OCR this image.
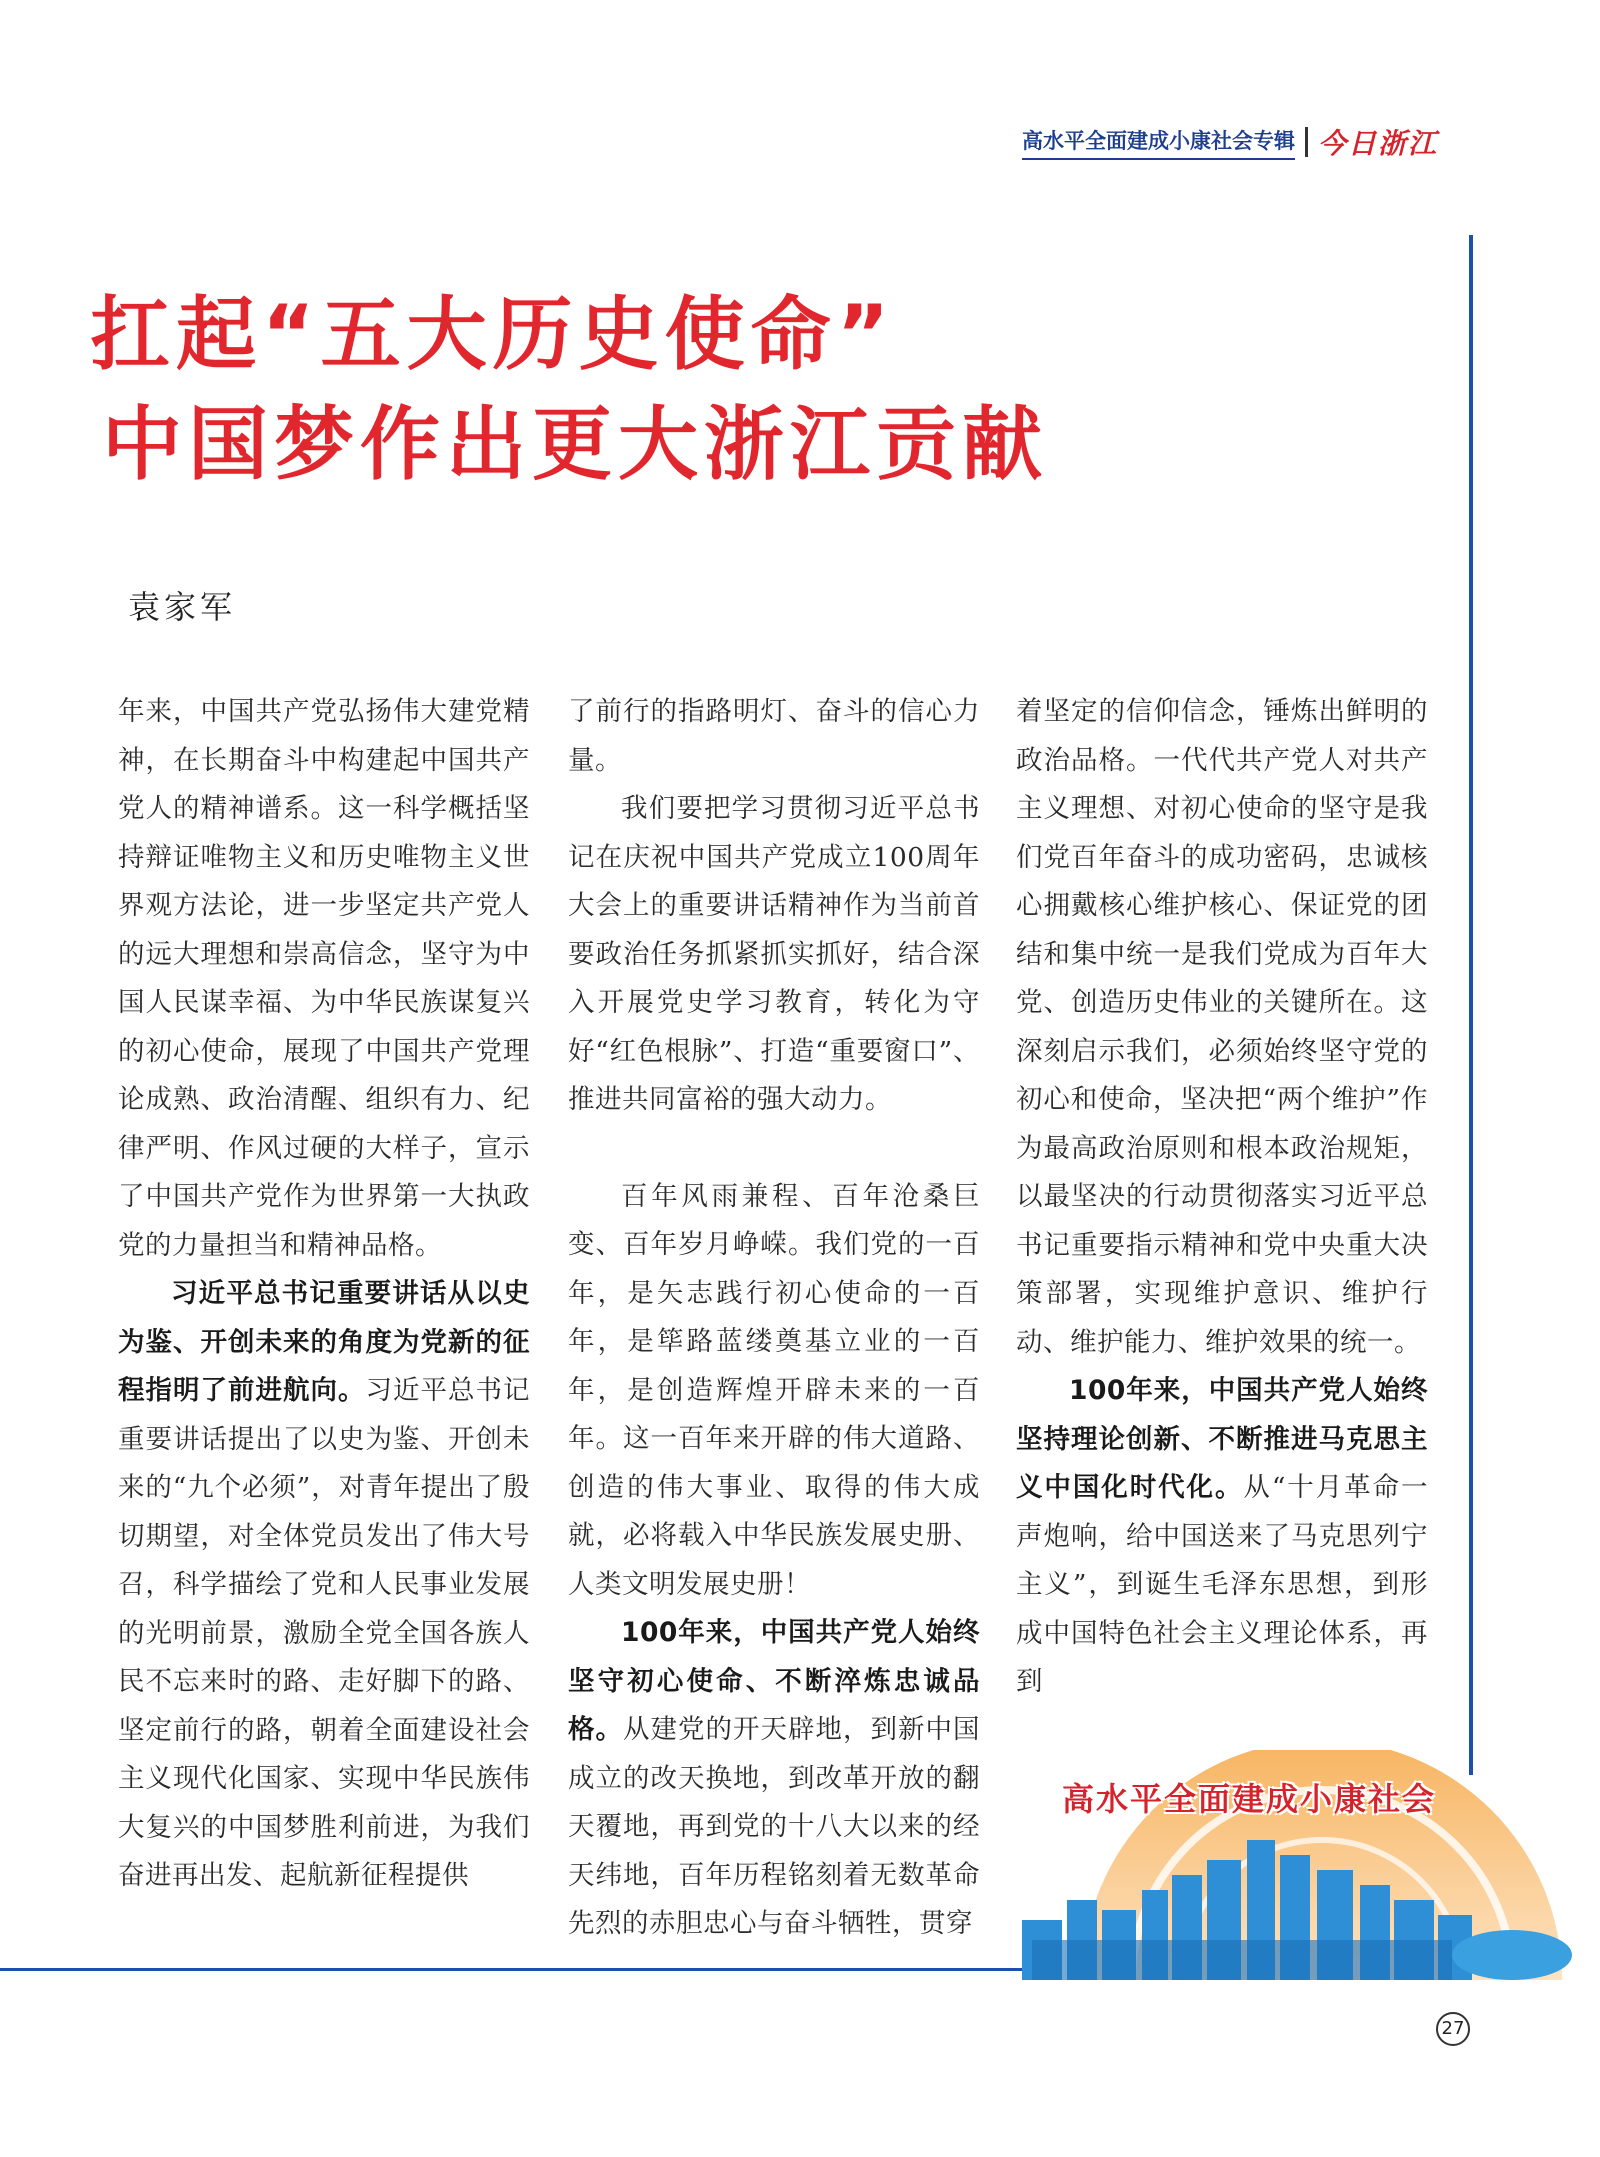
高水平全面建成小康社会专辑 今日浙江
扛起“五大历史使命”
中国梦作出更大浙江贡献
袁家军

年来，中国共产党弘扬伟大建党精神，在长期奋斗中构建起中国共产党人的精神谱系。这一科学概括坚持辩证唯物主义和历史唯物主义世界观方法论，进一步坚定共产党人的远大理想和崇高信念，坚守为中国人民谋幸福、为中华民族谋复兴的初心使命，展现了中国共产党理论成熟、政治清醒、组织有力、纪律严明、作风过硬的大样子，宣示了中国共产党作为世界第一大执政党的力量担当和精神品格。

习近平总书记重要讲话从以史为鉴、开创未来的角度为党新的征程指明了前进航向。习近平总书记重要讲话提出了以史为鉴、开创未来的“九个必须”，对青年提出了殷切期望，对全体党员发出了伟大号召，科学描绘了党和人民事业发展的光明前景，激励全党全国各族人民不忘来时的路、走好脚下的路、坚定前行的路，朝着全面建设社会主义现代化国家、实现中华民族伟大复兴的中国梦胜利前进，为我们奋进再出发、起航新征程提供

了前行的指路明灯、奋斗的信心力量。

我们要把学习贯彻习近平总书记在庆祝中国共产党成立100周年大会上的重要讲话精神作为当前首要政治任务抓紧抓实抓好，结合深入开展党史学习教育，转化为守好“红色根脉”、打造“重要窗口”、推进共同富裕的强大动力。

百年风雨兼程、百年沧桑巨变、百年岁月峥嵘。我们党的一百年，是矢志践行初心使命的一百年，是筚路蓝缕奠基立业的一百年，是创造辉煌开辟未来的一百年。这一百年来开辟的伟大道路、创造的伟大事业、取得的伟大成就，必将载入中华民族发展史册、人类文明发展史册！

100年来，中国共产党人始终坚守初心使命、不断淬炼忠诚品格。从建党的开天辟地，到新中国成立的改天换地，到改革开放的翻天覆地，再到党的十八大以来的经天纬地，百年历程铭刻着无数革命先烈的赤胆忠心与奋斗牺牲，贯穿

着坚定的信仰信念，锤炼出鲜明的政治品格。一代代共产党人对共产主义理想、对初心使命的坚守是我们党百年奋斗的成功密码，忠诚核心拥戴核心维护核心、保证党的团结和集中统一是我们党成为百年大党、创造历史伟业的关键所在。这深刻启示我们，必须始终坚守党的初心和使命，坚决把“两个维护”作为最高政治原则和根本政治规矩，以最坚决的行动贯彻落实习近平总书记重要指示精神和党中央重大决策部署，实现维护意识、维护行动、维护能力、维护效果的统一。

100年来，中国共产党人始终坚持理论创新、不断推进马克思主义中国化时代化。从“十月革命一声炮响，给中国送来了马克思列宁主义”，到诞生毛泽东思想，到形成中国特色社会主义理论体系，再到

高水平全面建成小康社会
27
